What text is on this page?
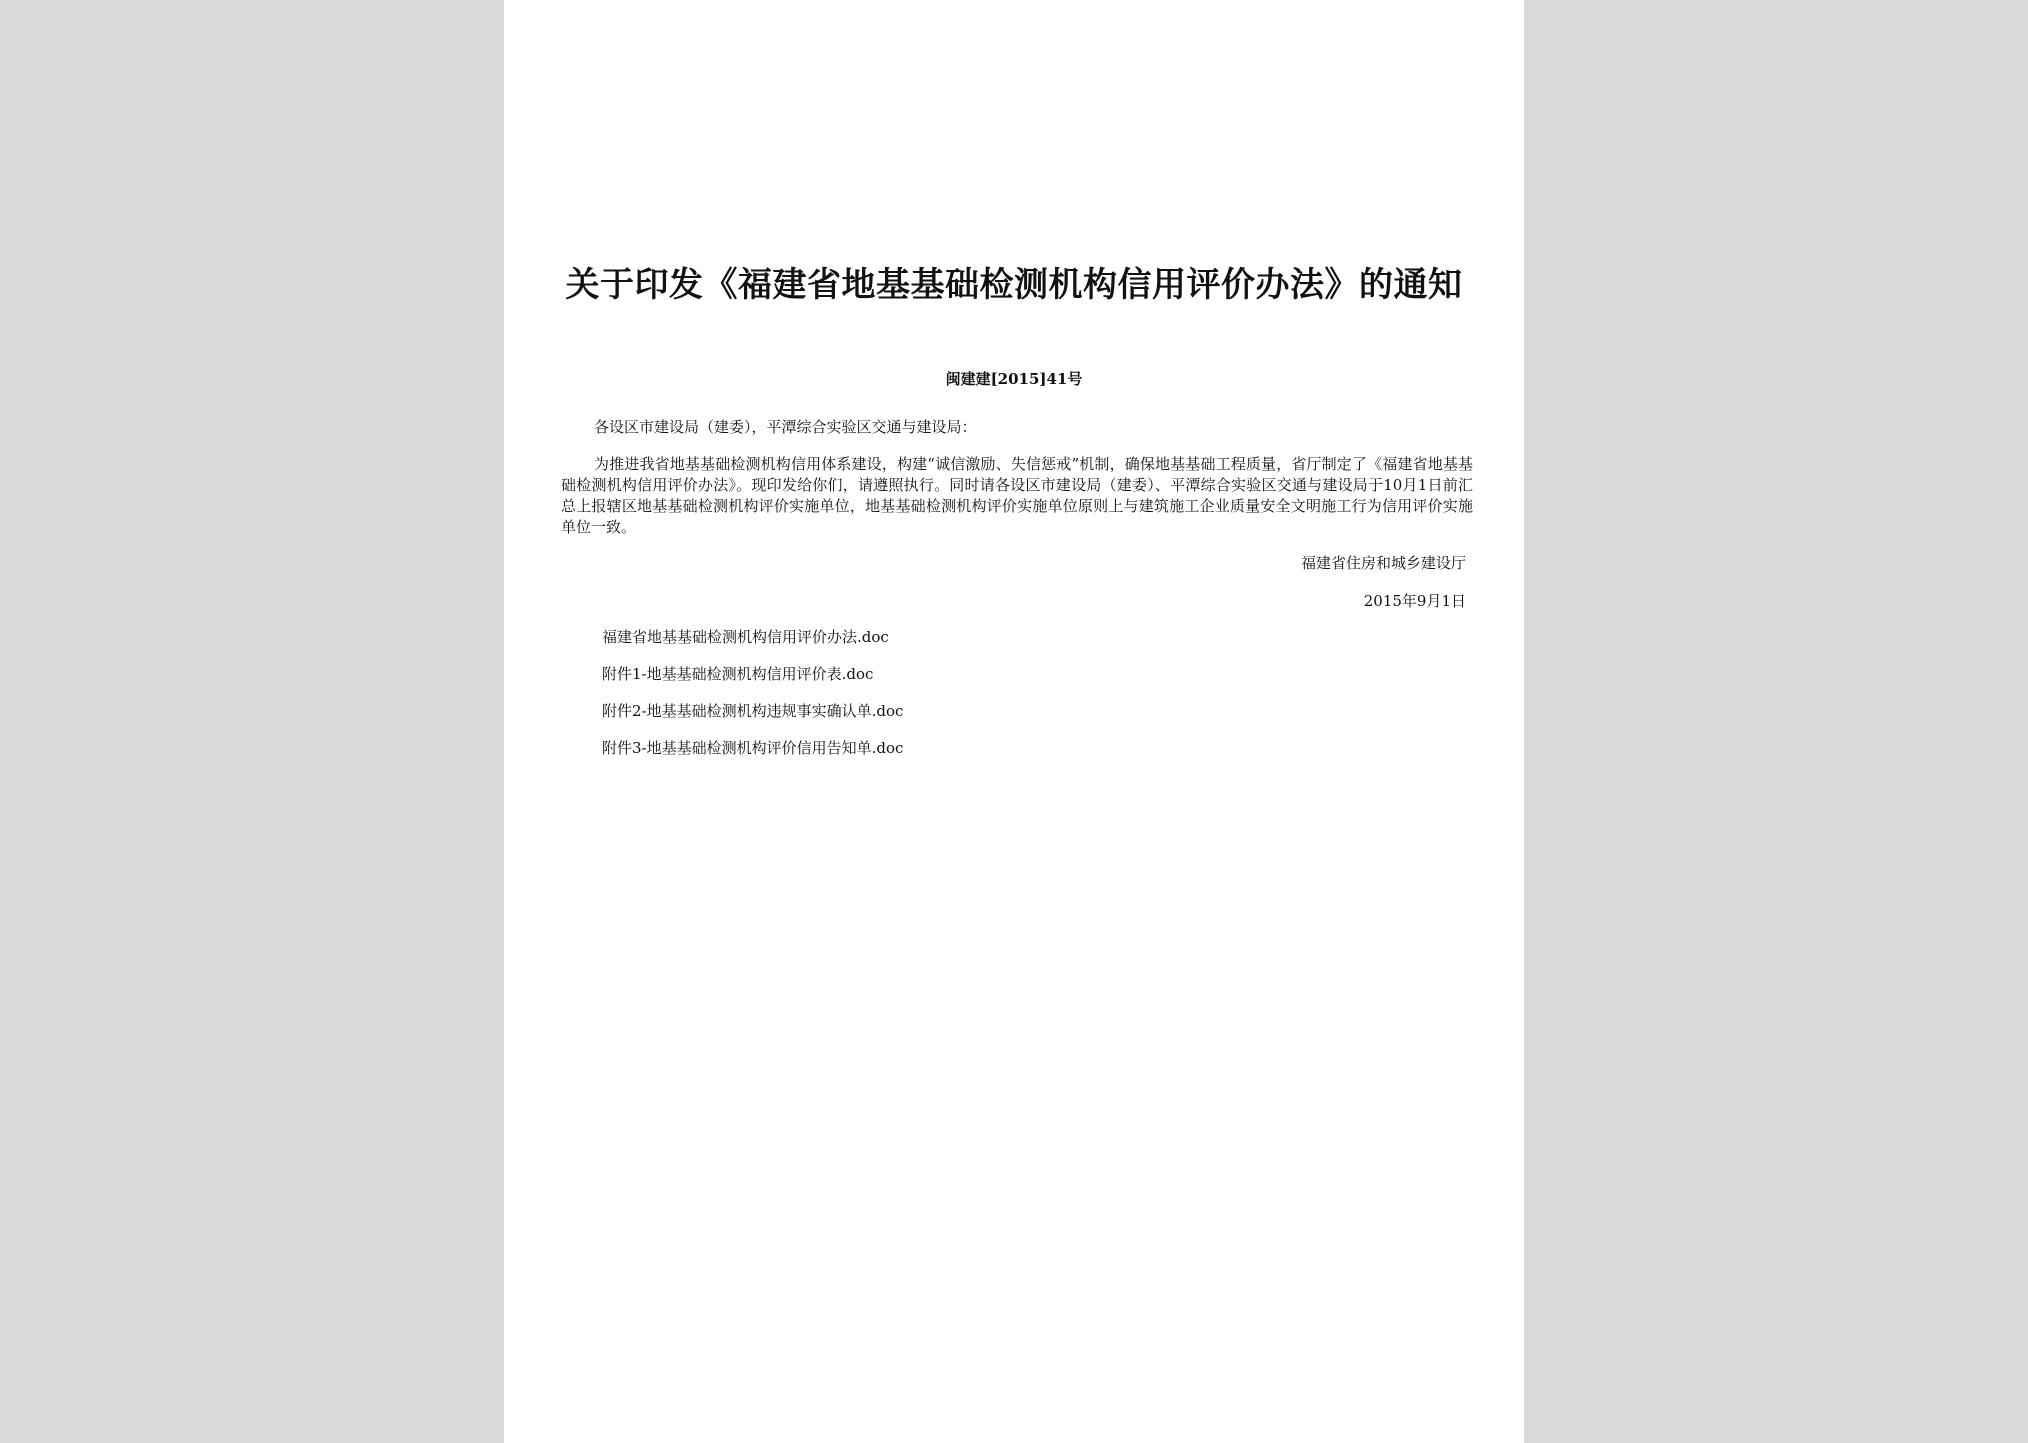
关于印发《福建省地基基础检测机构信用评价办法》的通知
闽建建[2015]41号
各设区市建设局（建委），平潭综合实验区交通与建设局：

为推进我省地基基础检测机构信用体系建设，构建“诚信激励、失信惩戒”机制，确保地基基础工程质量，省厅制定了《福建省地基基础检测机构信用评价办法》。现印发给你们，请遵照执行。同时请各设区市建设局（建委）、平潭综合实验区交通与建设局于10月1日前汇总上报辖区地基基础检测机构评价实施单位，地基基础检测机构评价实施单位原则上与建筑施工企业质量安全文明施工行为信用评价实施单位一致。

福建省住房和城乡建设厅
2015年9月1日
福建省地基基础检测机构信用评价办法.doc
附件1-地基基础检测机构信用评价表.doc
附件2-地基基础检测机构违规事实确认单.doc
附件3-地基基础检测机构评价信用告知单.doc
